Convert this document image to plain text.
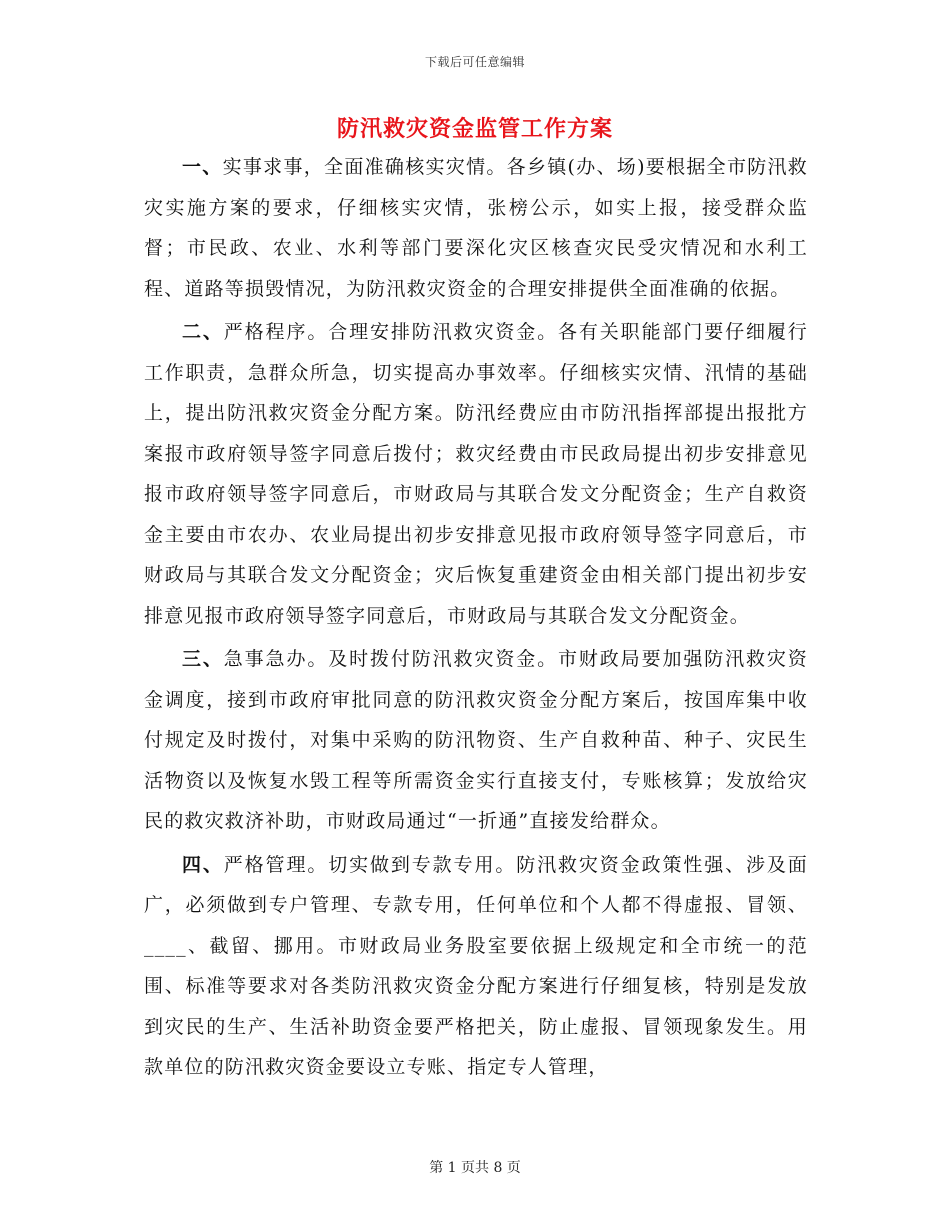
下载后可任意编辑
防汛救灾资金监管工作方案

一、实事求事，全面准确核实灾情。各乡镇(办、场)要根据全市防汛救灾实施方案的要求，仔细核实灾情，张榜公示，如实上报，接受群众监督；市民政、农业、水利等部门要深化灾区核查灾民受灾情况和水利工程、道路等损毁情况，为防汛救灾资金的合理安排提供全面准确的依据。

二、严格程序。合理安排防汛救灾资金。各有关职能部门要仔细履行工作职责，急群众所急，切实提高办事效率。仔细核实灾情、汛情的基础上，提出防汛救灾资金分配方案。防汛经费应由市防汛指挥部提出报批方案报市政府领导签字同意后拨付；救灾经费由市民政局提出初步安排意见报市政府领导签字同意后，市财政局与其联合发文分配资金；生产自救资金主要由市农办、农业局提出初步安排意见报市政府领导签字同意后，市财政局与其联合发文分配资金；灾后恢复重建资金由相关部门提出初步安排意见报市政府领导签字同意后，市财政局与其联合发文分配资金。

三、急事急办。及时拨付防汛救灾资金。市财政局要加强防汛救灾资金调度，接到市政府审批同意的防汛救灾资金分配方案后，按国库集中收付规定及时拨付，对集中采购的防汛物资、生产自救种苗、种子、灾民生活物资以及恢复水毁工程等所需资金实行直接支付，专账核算；发放给灾民的救灾救济补助，市财政局通过“一折通”直接发给群众。

四、严格管理。切实做到专款专用。防汛救灾资金政策性强、涉及面广，必须做到专户管理、专款专用，任何单位和个人都不得虚报、冒领、____、截留、挪用。市财政局业务股室要依据上级规定和全市统一的范围、标准等要求对各类防汛救灾资金分配方案进行仔细复核，特别是发放到灾民的生产、生活补助资金要严格把关，防止虚报、冒领现象发生。用款单位的防汛救灾资金要设立专账、指定专人管理，

第 1 页共 8 页
